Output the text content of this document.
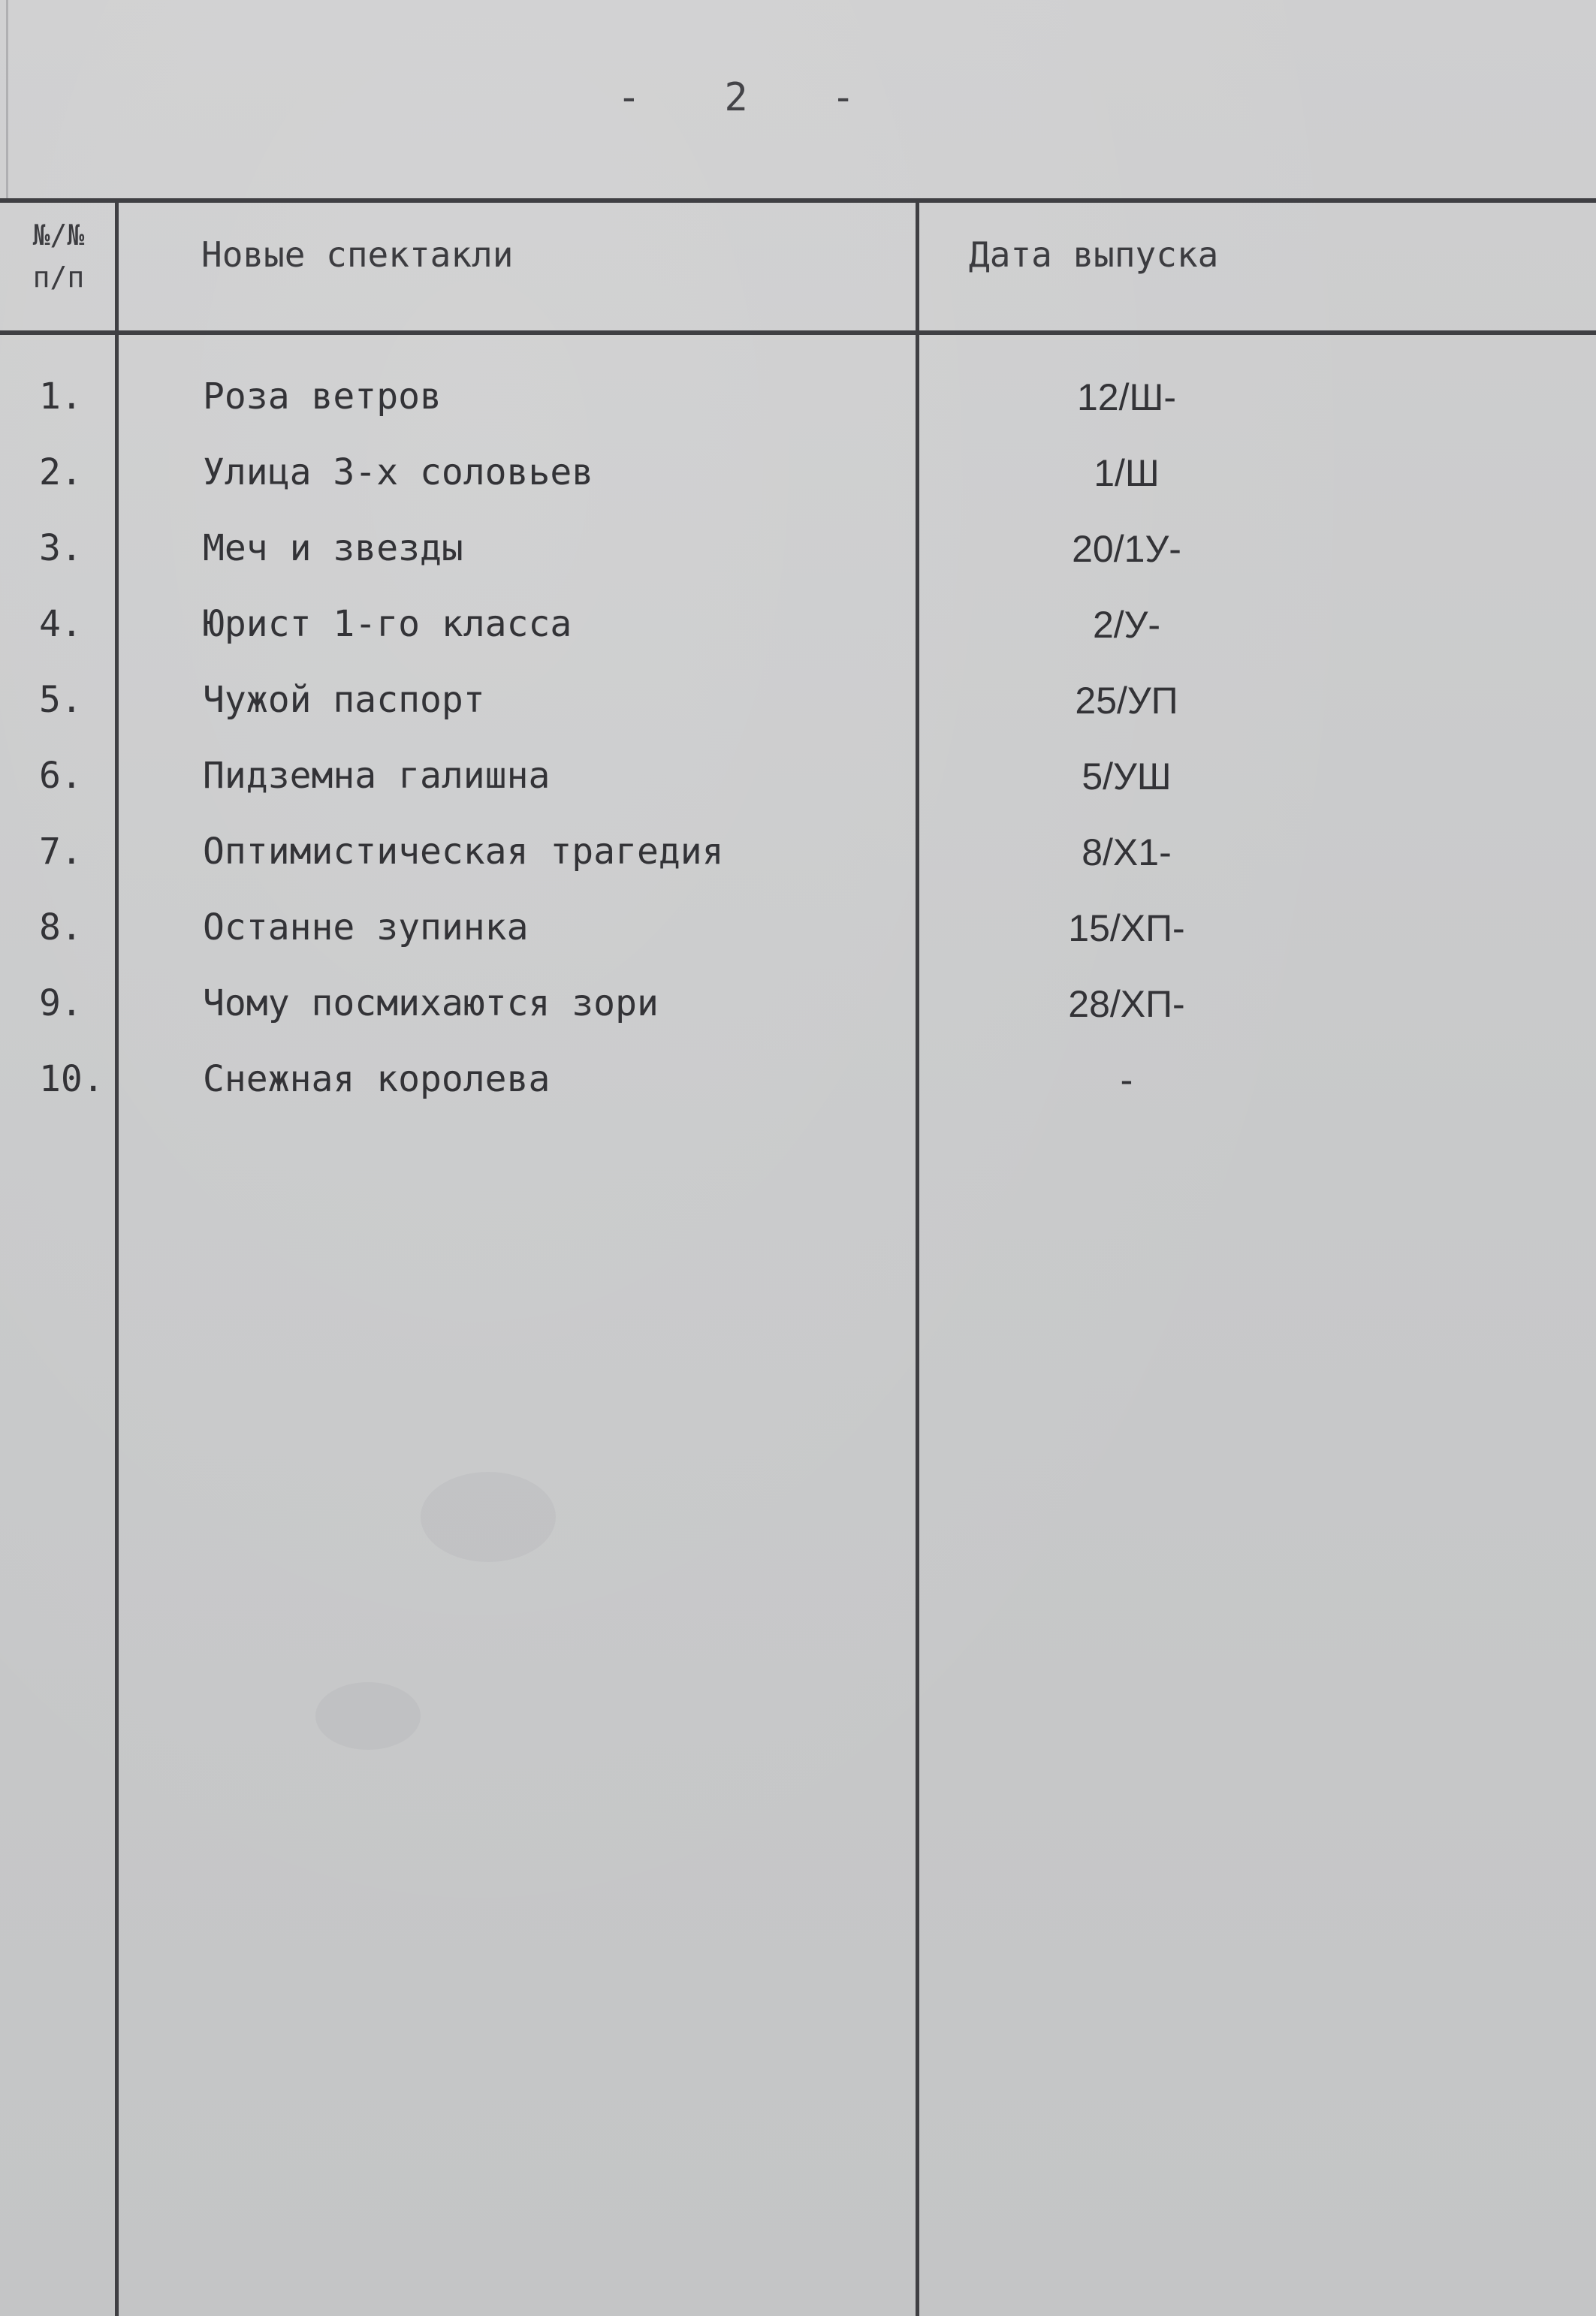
- 2 -
№/№
п/п
Новые спектакли	Дата выпуска
1.	Роза ветров	12/Ш-
2.	Улица 3-х соловьев	1/Ш
3.	Меч и звезды	20/1У-
4.	Юрист 1-го класса	2/У-
5.	Чужой паспорт	25/УП
6.	Пидземна галишна	5/УШ
7.	Оптимистическая трагедия	8/Х1-
8.	Останне зупинка	15/ХП-
9.	Чому посмихаются зори	28/ХП-
10.	Снежная королева	-
